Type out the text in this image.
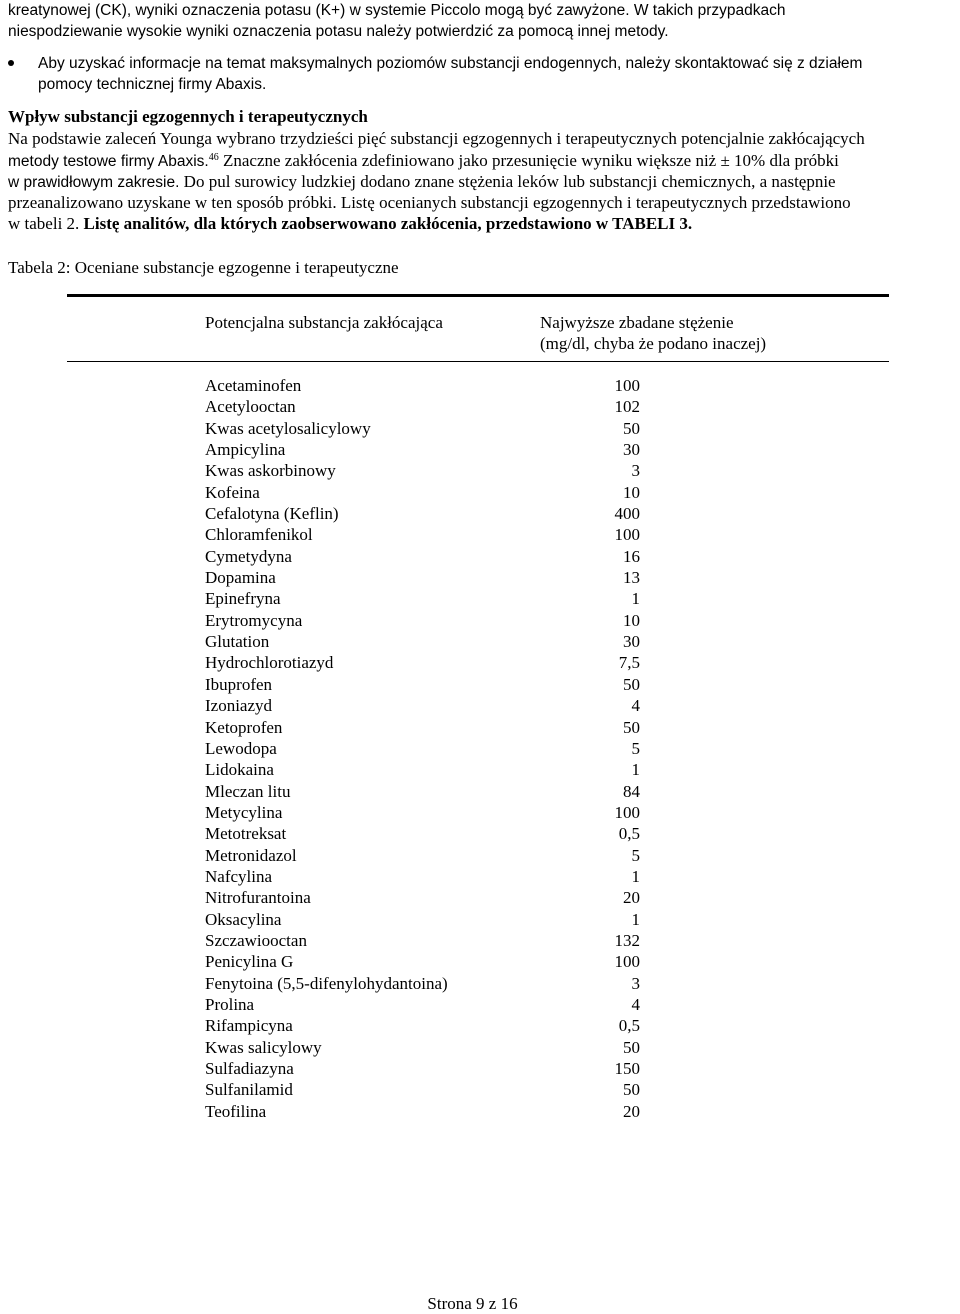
kreatynowej (CK), wyniki oznaczenia potasu (K+) w systemie Piccolo mogą być zawyżone. W takich przypadkach
niespodziewanie wysokie wyniki oznaczenia potasu należy potwierdzić za pomocą innej metody.
Aby uzyskać informacje na temat maksymalnych poziomów substancji endogennych, należy skontaktować się z działem
pomocy technicznej firmy Abaxis.
Wpływ substancji egzogennych i terapeutycznych
Na podstawie zaleceń Younga wybrano trzydzieści pięć substancji egzogennych i terapeutycznych potencjalnie zakłócających
metody testowe firmy Abaxis.$^{46}$ Znaczne zakłócenia zdefiniowano jako przesunięcie wyniku większe niż ± 10% dla próbki
w prawidłowym zakresie. Do pul surowicy ludzkiej dodano znane stężenia leków lub substancji chemicznych, a następnie
przeanalizowano uzyskane w ten sposób próbki. Listę ocenianych substancji egzogennych i terapeutycznych przedstawiono
w tabeli 2. Listę analitów, dla których zaobserwowano zakłócenia, przedstawiono w TABELI 3.
Tabela 2: Oceniane substancje egzogenne i terapeutyczne
Potencjalna substancja zakłócająca	Najwyższe zbadane stężenie
(mg/dl, chyba że podano inaczej)
Acetaminofen	100
Acetylooctan	102
Kwas acetylosalicylowy	50
Ampicylina	30
Kwas askorbinowy	3
Kofeina	10
Cefalotyna (Keflin)	400
Chloramfenikol	100
Cymetydyna	16
Dopamina	13
Epinefryna	1
Erytromycyna	10
Glutation	30
Hydrochlorotiazyd	7,5
Ibuprofen	50
Izoniazyd	4
Ketoprofen	50
Lewodopa	5
Lidokaina	1
Mleczan litu	84
Metycylina	100
Metotreksat	0,5
Metronidazol	5
Nafcylina	1
Nitrofurantoina	20
Oksacylina	1
Szczawiooctan	132
Penicylina G	100
Fenytoina (5,5-difenylohydantoina)	3
Prolina	4
Rifampicyna	0,5
Kwas salicylowy	50
Sulfadiazyna	150
Sulfanilamid	50
Teofilina	20
Strona 9 z 16
